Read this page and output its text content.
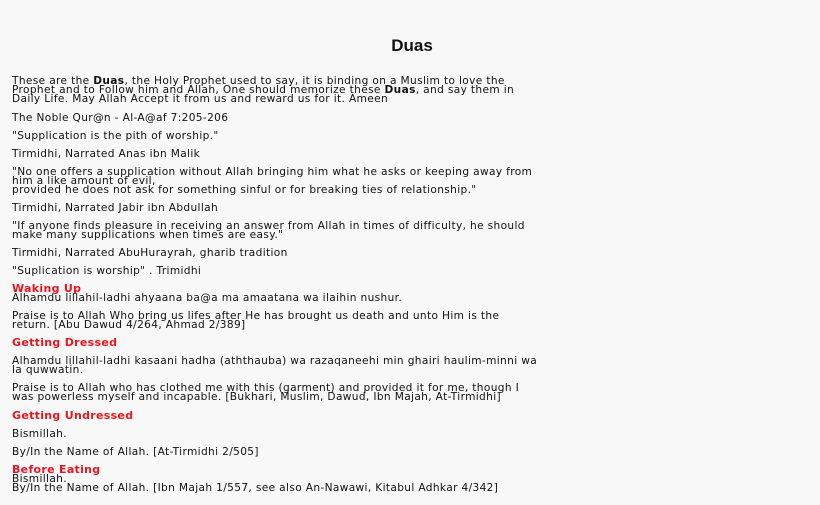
Duas

These are the Duas, the Holy Prophet used to say, it is binding on a Muslim to love the
Prophet and to Follow him and Allah, One should memorize these Duas, and say them in
Daily Life. May Allah Accept it from us and reward us for it. Ameen

The Noble Qur@n - Al-A@af 7:205-206

"Supplication is the pith of worship."

Tirmidhi, Narrated Anas ibn Malik

"No one offers a supplication without Allah bringing him what he asks or keeping away from
him a like amount of evil,
provided he does not ask for something sinful or for breaking ties of relationship."

Tirmidhi, Narrated Jabir ibn Abdullah

"If anyone finds pleasure in receiving an answer from Allah in times of difficulty, he should
make many supplications when times are easy."

Tirmidhi, Narrated AbuHurayrah, gharib tradition

"Suplication is worship" . Trimidhi

Waking Up

Alhamdu lillahil-ladhi ahyaana ba@a ma amaatana wa ilaihin nushur.

Praise is to Allah Who bring us lifes after He has brought us death and unto Him is the
return. [Abu Dawud 4/264, Ahmad 2/389]

Getting Dressed

Alhamdu lillahil-ladhi kasaani hadha (aththauba) wa razaqaneehi min ghairi haulim-minni wa
la quwwatin.

Praise is to Allah who has clothed me with this (garment) and provided it for me, though I
was powerless myself and incapable. [Bukhari, Muslim, Dawud, Ibn Majah, At-Tirmidhi]

Getting Undressed

Bismillah.

By/In the Name of Allah. [At-Tirmidhi 2/505]

Before Eating

Bismillah.

By/In the Name of Allah. [Ibn Majah 1/557, see also An-Nawawi, Kitabul Adhkar 4/342]
